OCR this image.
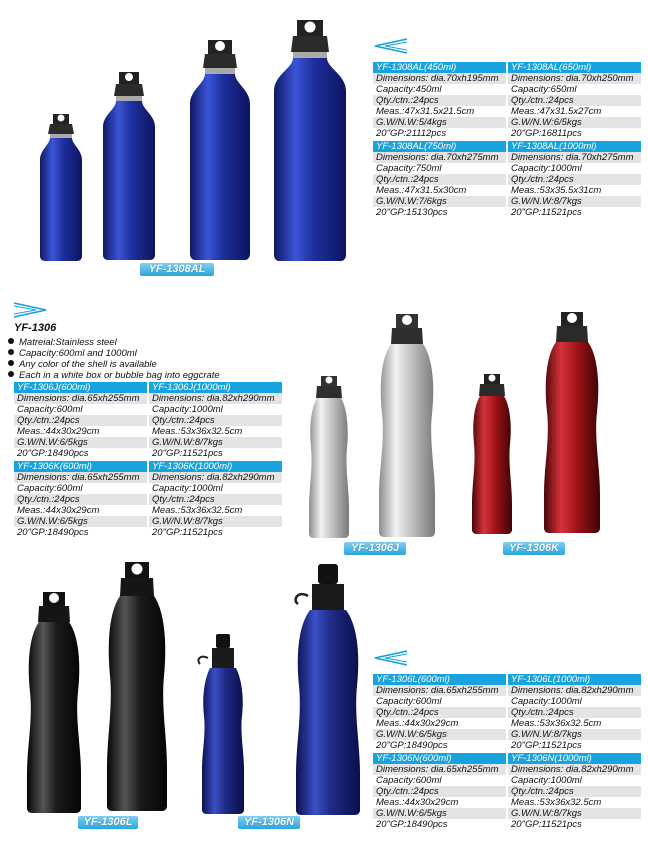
YF-1308AL
YF-1308AL(450ml)
Dimensions: dia.70xh195mm
Capacity:450ml
Qty./ctn.:24pcs
Meas.:47x31.5x21.5cm
G.W/N.W:5/4kgs
20"GP:21112pcs
YF-1308AL(650ml)
Dimensions: dia.70xh250mm
Capacity:650ml
Qty./ctn.:24pcs
Meas.:47x31.5x27cm
G.W/N.W:6/5kgs
20"GP:16811pcs
YF-1308AL(750ml)
Dimensions: dia.70xh275mm
Capacity:750ml
Qty./ctn.:24pcs
Meas.:47x31.5x30cm
G.W/N.W:7/6kgs
20"GP:15130pcs
YF-1308AL(1000ml)
Dimensions: dia.70xh275mm
Capacity:1000ml
Qty./ctn.:24pcs
Meas.:53x35.5x31cm
G.W/N.W:8/7kgs
20"GP:11521pcs
YF-1306
Matreial:Stainless steel
Capacity:600ml and 1000ml
Any color of the shell is available
Each in a white box or bubble bag into eggcrate
YF-1306J(600ml)
Dimensions: dia.65xh255mm
Capacity:600ml
Qty./ctn.:24pcs
Meas.:44x30x29cm
G.W/N.W:6/5kgs
20"GP:18490pcs
YF-1306J(1000ml)
Dimensions: dia.82xh290mm
Capacity:1000ml
Qty./ctn.:24pcs
Meas.:53x36x32.5cm
G.W/N.W:8/7kgs
20"GP:11521pcs
YF-1306K(600ml)
Dimensions: dia.65xh255mm
Capacity:600ml
Qty./ctn.:24pcs
Meas.:44x30x29cm
G.W/N.W:6/5kgs
20"GP:18490pcs
YF-1306K(1000ml)
Dimensions: dia.82xh290mm
Capacity:1000ml
Qty./ctn.:24pcs
Meas.:53x36x32.5cm
G.W/N.W:8/7kgs
20"GP:11521pcs
YF-1306J	YF-1306K
YF-1306L	YF-1306N
YF-1306L(600ml)
Dimensions: dia.65xh255mm
Capacity:600ml
Qty./ctn.:24pcs
Meas.:44x30x29cm
G.W/N.W:6/5kgs
20"GP:18490pcs
YF-1306L(1000ml)
Dimensions: dia.82xh290mm
Capacity:1000ml
Qty./ctn.:24pcs
Meas.:53x36x32.5cm
G.W/N.W:8/7kgs
20"GP:11521pcs
YF-1306N(600ml)
Dimensions: dia.65xh255mm
Capacity:600ml
Qty./ctn.:24pcs
Meas.:44x30x29cm
G.W/N.W:6/5kgs
20"GP:18490pcs
YF-1306N(1000ml)
Dimensions: dia.82xh290mm
Capacity:1000ml
Qty./ctn.:24pcs
Meas.:53x36x32.5cm
G.W/N.W:8/7kgs
20"GP:11521pcs
